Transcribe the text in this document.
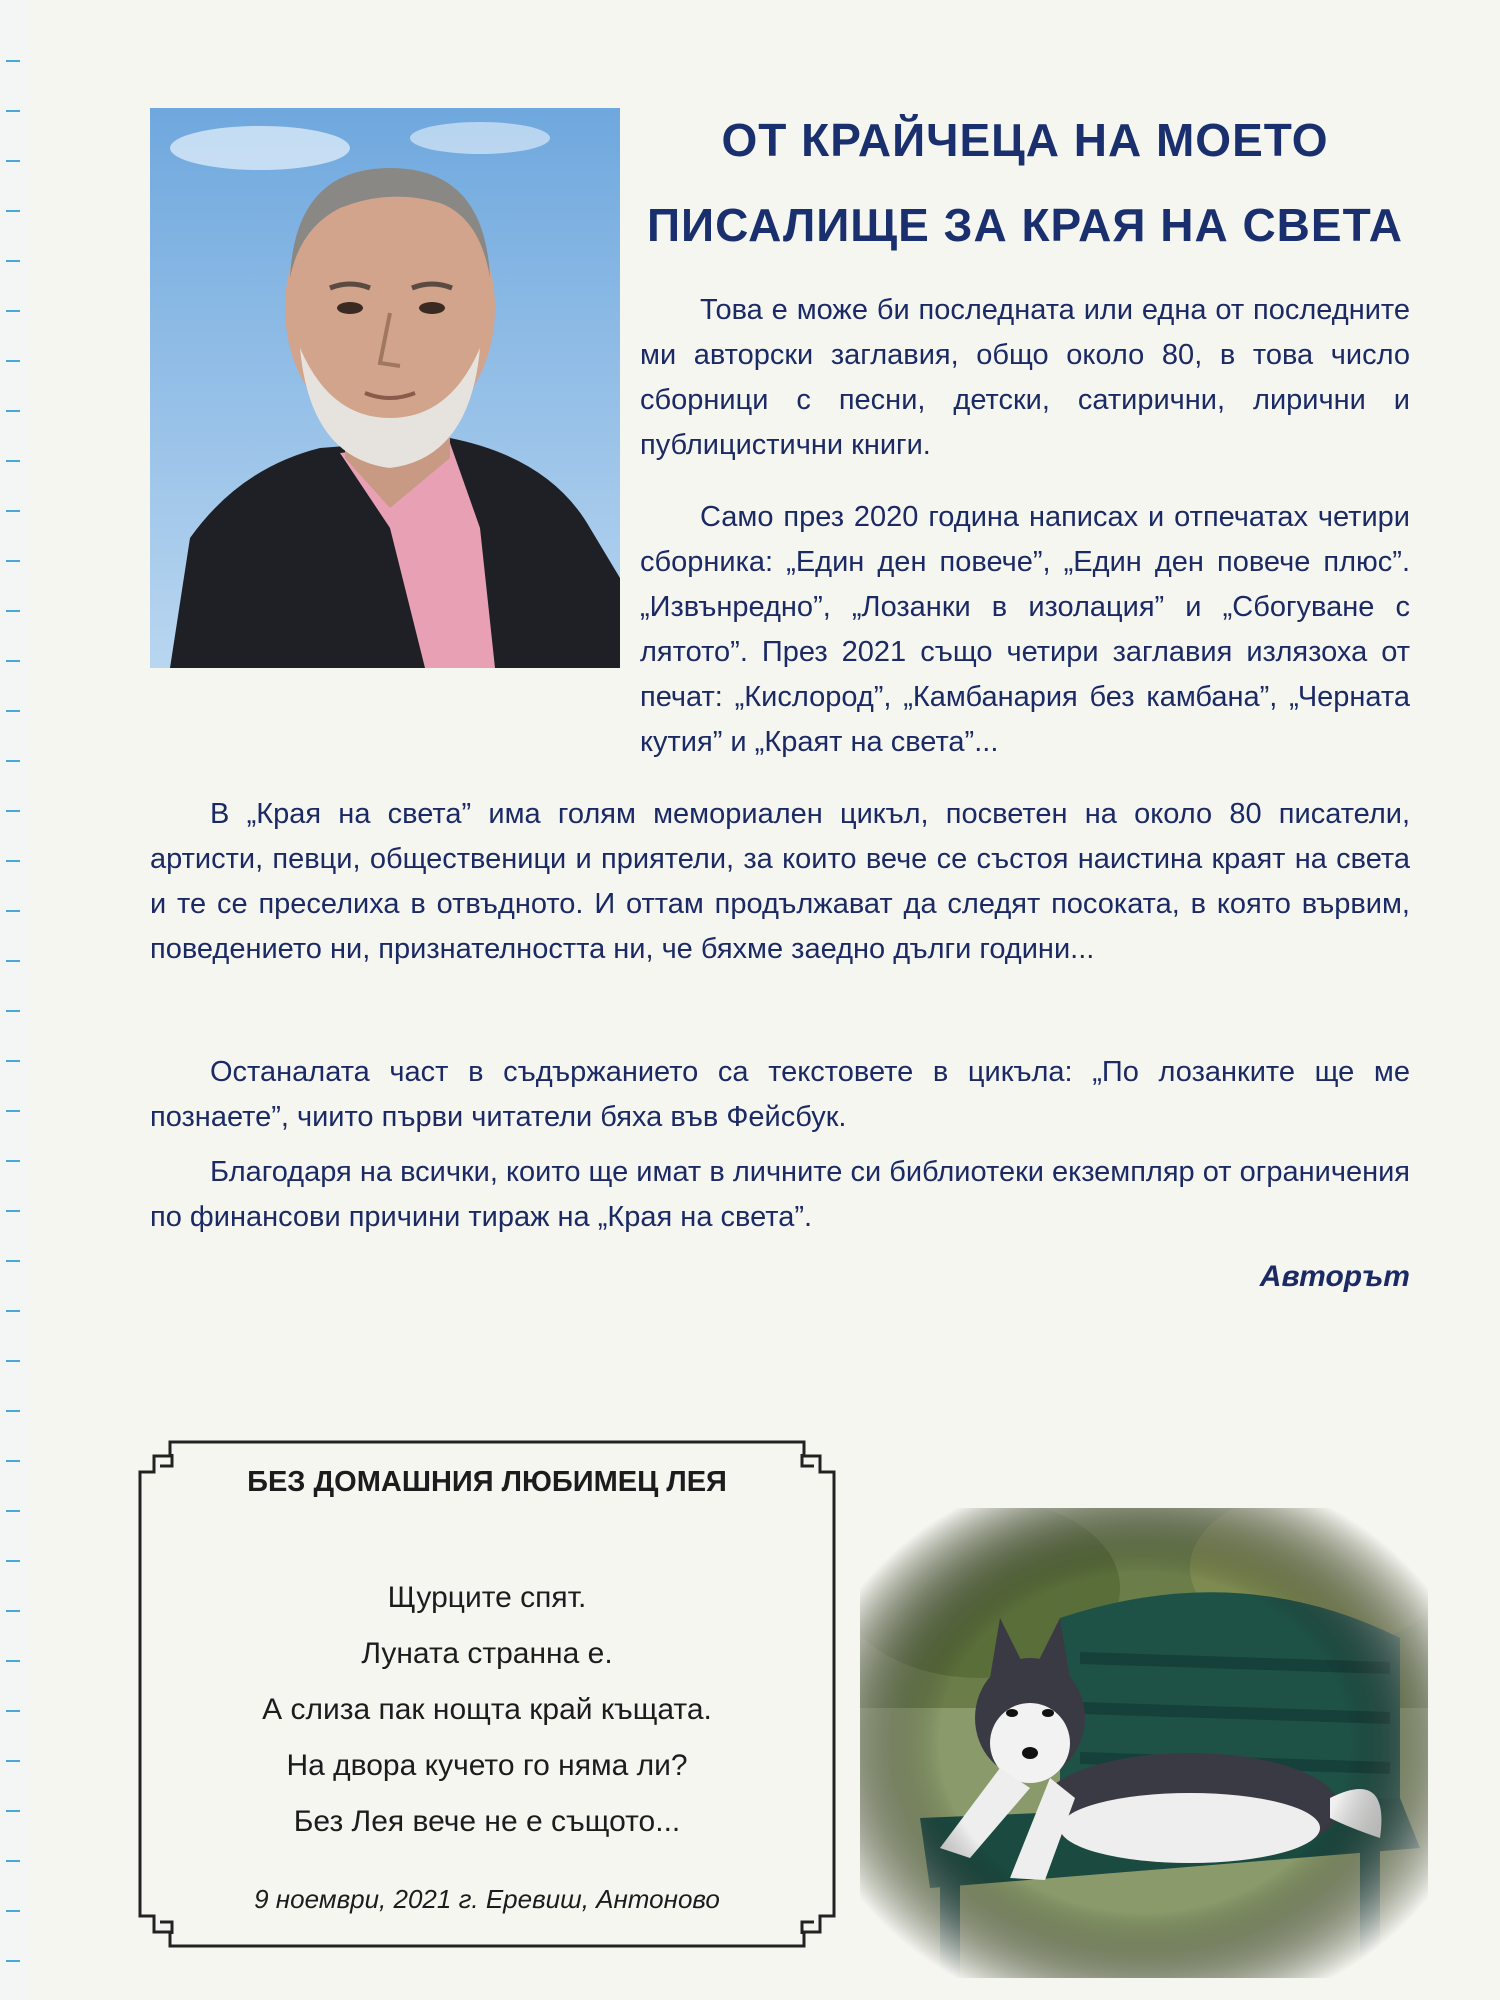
ОТ КРАЙЧЕЦА НА МОЕТО
ПИСАЛИЩЕ ЗА КРАЯ НА СВЕТА

Това е може би последната или една от последните ми авторски заглавия, общо около 80, в това число сборници с песни, детски, сатирични, лирични и публицистични книги.

Само през 2020 година написах и отпечатах четири сборника: „Един ден повече”, „Един ден повече плюс”. „Извънредно”, „Лозанки в изолация” и „Сбогуване с лятото”. През 2021 също четири заглавия излязоха от печат: „Кислород”, „Камбанария без камбана”, „Черната кутия” и „Краят на света”...

В „Края на света” има голям мемориален цикъл, посветен на около 80 писатели, артисти, певци, общественици и приятели, за които вече се състоя наистина краят на света и те се преселиха в отвъдното. И оттам продължават да следят посоката, в която вървим, поведението ни, признателността ни, че бяхме заедно дълги години...

Останалата част в съдържанието са текстовете в цикъла: „По лозанките ще ме познаете”, чиито първи читатели бяха във Фейсбук.

Благодаря на всички, които ще имат в личните си библиотеки екземпляр от ограничения по финансови причини тираж на „Края на света”.

Авторът
БЕЗ ДОМАШНИЯ ЛЮБИМЕЦ ЛЕЯ
Щурците спят.
Луната странна е.
А слиза пак нощта край къщата.
На двора кучето го няма ли?
Без Лея вече не е същото...
9 ноември, 2021 г. Еревиш, Антоново
